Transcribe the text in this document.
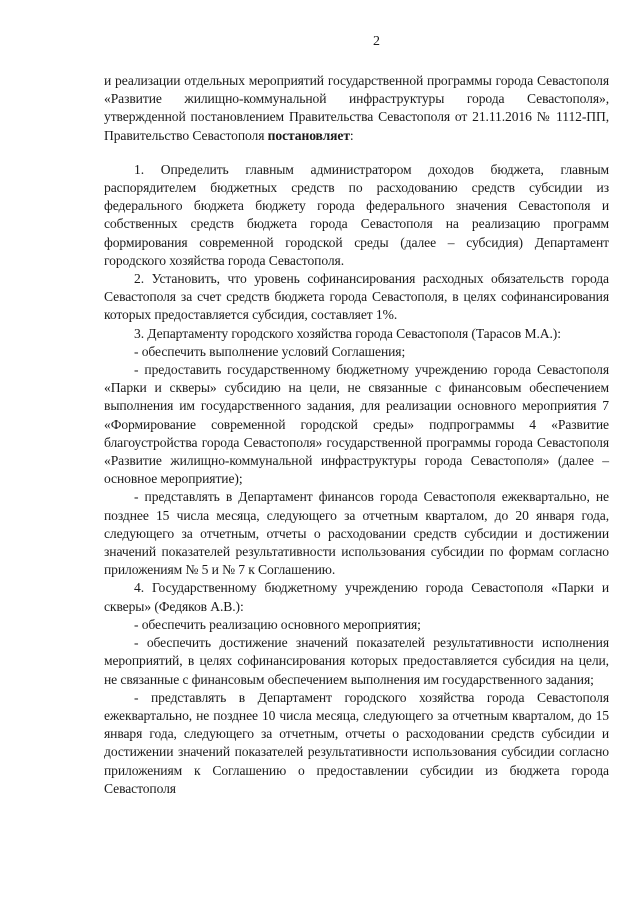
2

и реализации отдельных мероприятий государственной программы города Севастополя «Развитие жилищно-коммунальной инфраструктуры города Севастополя», утвержденной постановлением Правительства Севастополя от 21.11.2016 № 1112-ПП, Правительство Севастополя постановляет:

1. Определить главным администратором доходов бюджета, главным распорядителем бюджетных средств по расходованию средств субсидии из федерального бюджета бюджету города федерального значения Севастополя и собственных средств бюджета города Севастополя на реализацию программ формирования современной городской среды (далее – субсидия) Департамент городского хозяйства города Севастополя.

2. Установить, что уровень софинансирования расходных обязательств города Севастополя за счет средств бюджета города Севастополя, в целях софинансирования которых предоставляется субсидия, составляет 1%.

3. Департаменту городского хозяйства города Севастополя (Тарасов М.А.):

- обеспечить выполнение условий Соглашения;

- предоставить государственному бюджетному учреждению города Севастополя «Парки и скверы» субсидию на цели, не связанные с финансовым обеспечением выполнения им государственного задания, для реализации основного мероприятия 7 «Формирование современной городской среды» подпрограммы 4 «Развитие благоустройства города Севастополя» государственной программы города Севастополя «Развитие жилищно-коммунальной инфраструктуры города Севастополя» (далее – основное мероприятие);

- представлять в Департамент финансов города Севастополя ежеквартально, не позднее 15 числа месяца, следующего за отчетным кварталом, до 20 января года, следующего за отчетным, отчеты о расходовании средств субсидии и достижении значений показателей результативности использования субсидии по формам согласно приложениям № 5 и № 7 к Соглашению.

4. Государственному бюджетному учреждению города Севастополя «Парки и скверы» (Федяков А.В.):

- обеспечить реализацию основного мероприятия;

- обеспечить достижение значений показателей результативности исполнения мероприятий, в целях софинансирования которых предоставляется субсидия на цели, не связанные с финансовым обеспечением выполнения им государственного задания;

- представлять в Департамент городского хозяйства города Севастополя ежеквартально, не позднее 10 числа месяца, следующего за отчетным кварталом, до 15 января года, следующего за отчетным, отчеты о расходовании средств субсидии и достижении значений показателей результативности использования субсидии согласно приложениям к Соглашению о предоставлении субсидии из бюджета города Севастополя
